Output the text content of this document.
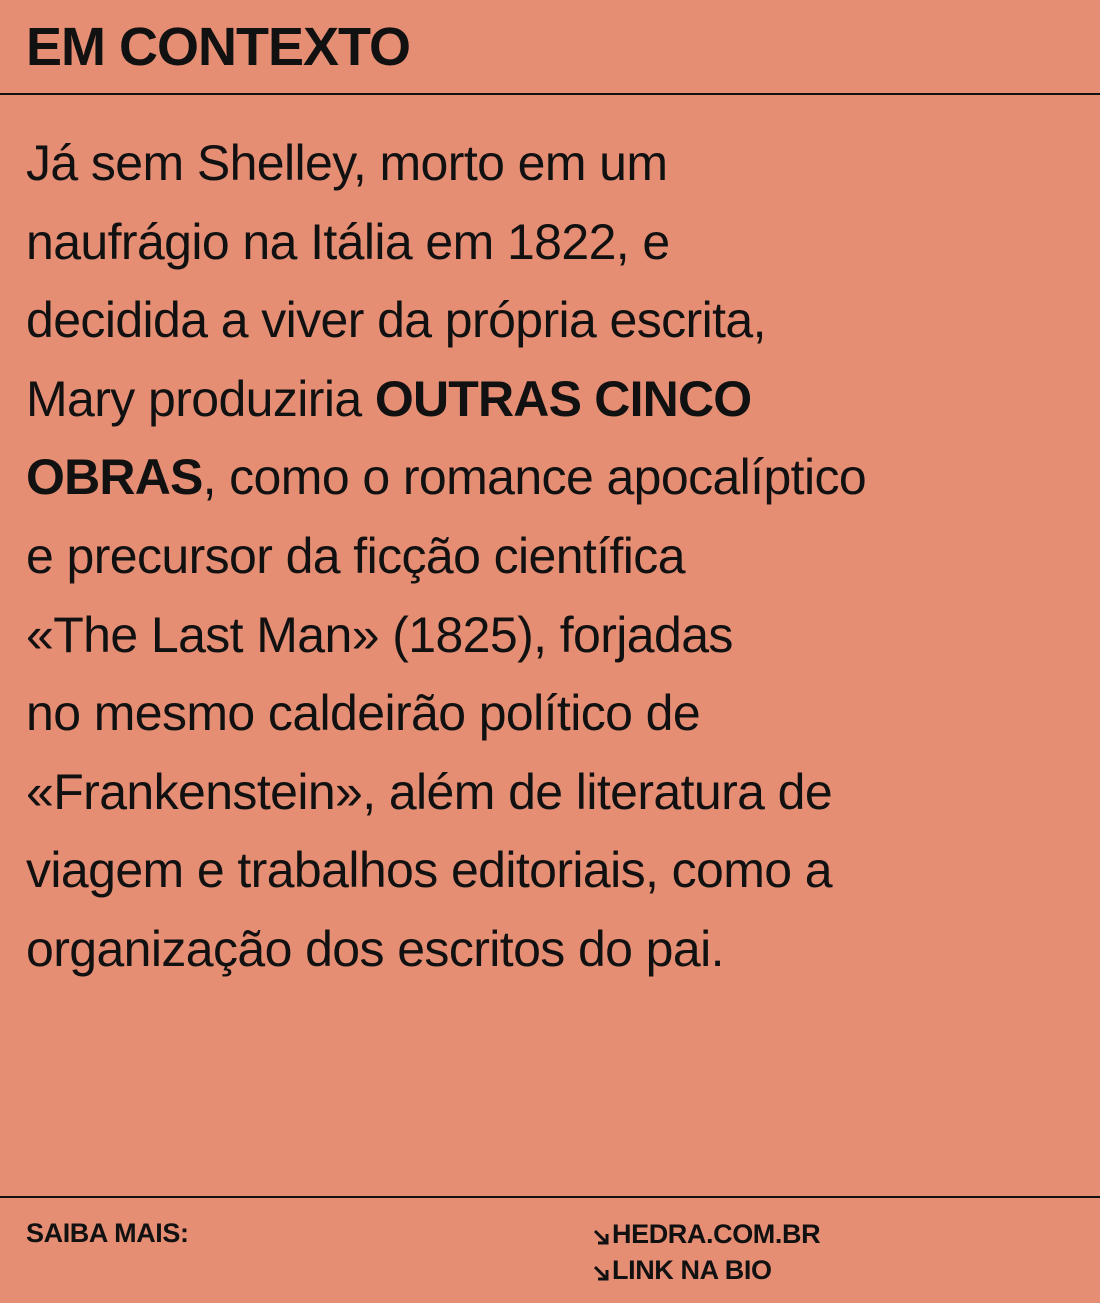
EM CONTEXTO

Já sem Shelley, morto em um
naufrágio na Itália em 1822, e
decidida a viver da própria escrita,
Mary produziria OUTRAS CINCO
OBRAS, como o romance apocalíptico
e precursor da ficção científica
«The Last Man» (1825), forjadas
no mesmo caldeirão político de
«Frankenstein», além de literatura de
viagem e trabalhos editoriais, como a
organização dos escritos do pai.

SAIBA MAIS:	HEDRA.COM.BR
LINK NA BIO
